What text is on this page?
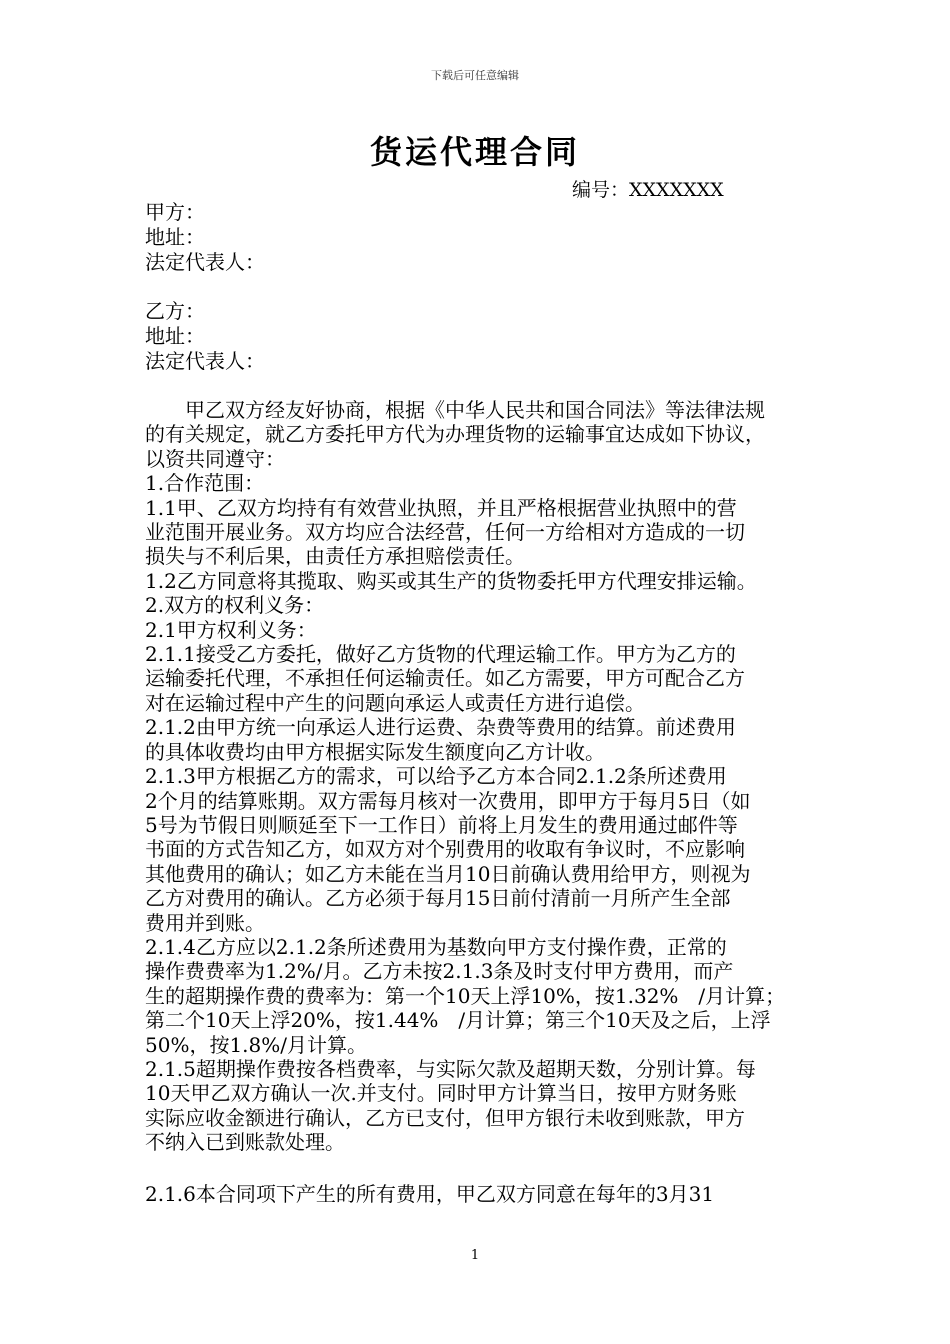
下载后可任意编辑
货运代理合同
编号：XXXXXXX
甲方：
地址：
法定代表人：
乙方：
地址：
法定代表人：

　　甲乙双方经友好协商，根据《中华人民共和国合同法》等法律法规

的有关规定，就乙方委托甲方代为办理货物的运输事宜达成如下协议，

以资共同遵守：

1.合作范围：

1.1甲、乙双方均持有有效营业执照，并且严格根据营业执照中的营

业范围开展业务。双方均应合法经营，任何一方给相对方造成的一切

损失与不利后果，由责任方承担赔偿责任。

1.2乙方同意将其揽取、购买或其生产的货物委托甲方代理安排运输。

2.双方的权利义务：

2.1甲方权利义务：

2.1.1接受乙方委托，做好乙方货物的代理运输工作。甲方为乙方的

运输委托代理，不承担任何运输责任。如乙方需要，甲方可配合乙方

对在运输过程中产生的问题向承运人或责任方进行追偿。

2.1.2由甲方统一向承运人进行运费、杂费等费用的结算。前述费用

的具体收费均由甲方根据实际发生额度向乙方计收。

2.1.3甲方根据乙方的需求，可以给予乙方本合同2.1.2条所述费用

2个月的结算账期。双方需每月核对一次费用，即甲方于每月5日（如

5号为节假日则顺延至下一工作日）前将上月发生的费用通过邮件等

书面的方式告知乙方，如双方对个别费用的收取有争议时，不应影响

其他费用的确认；如乙方未能在当月10日前确认费用给甲方，则视为

乙方对费用的确认。乙方必须于每月15日前付清前一月所产生全部

费用并到账。

2.1.4乙方应以2.1.2条所述费用为基数向甲方支付操作费，正常的

操作费费率为1.2%/月。乙方未按2.1.3条及时支付甲方费用，而产

生的超期操作费的费率为：第一个10天上浮10%，按1.32%　/月计算；

第二个10天上浮20%，按1.44%　/月计算；第三个10天及之后，上浮

50%，按1.8%/月计算。

2.1.5超期操作费按各档费率，与实际欠款及超期天数，分别计算。每

10天甲乙双方确认一次.并支付。同时甲方计算当日，按甲方财务账

实际应收金额进行确认，乙方已支付，但甲方银行未收到账款，甲方

不纳入已到账款处理。

2.1.6本合同项下产生的所有费用，甲乙双方同意在每年的3月31
1
